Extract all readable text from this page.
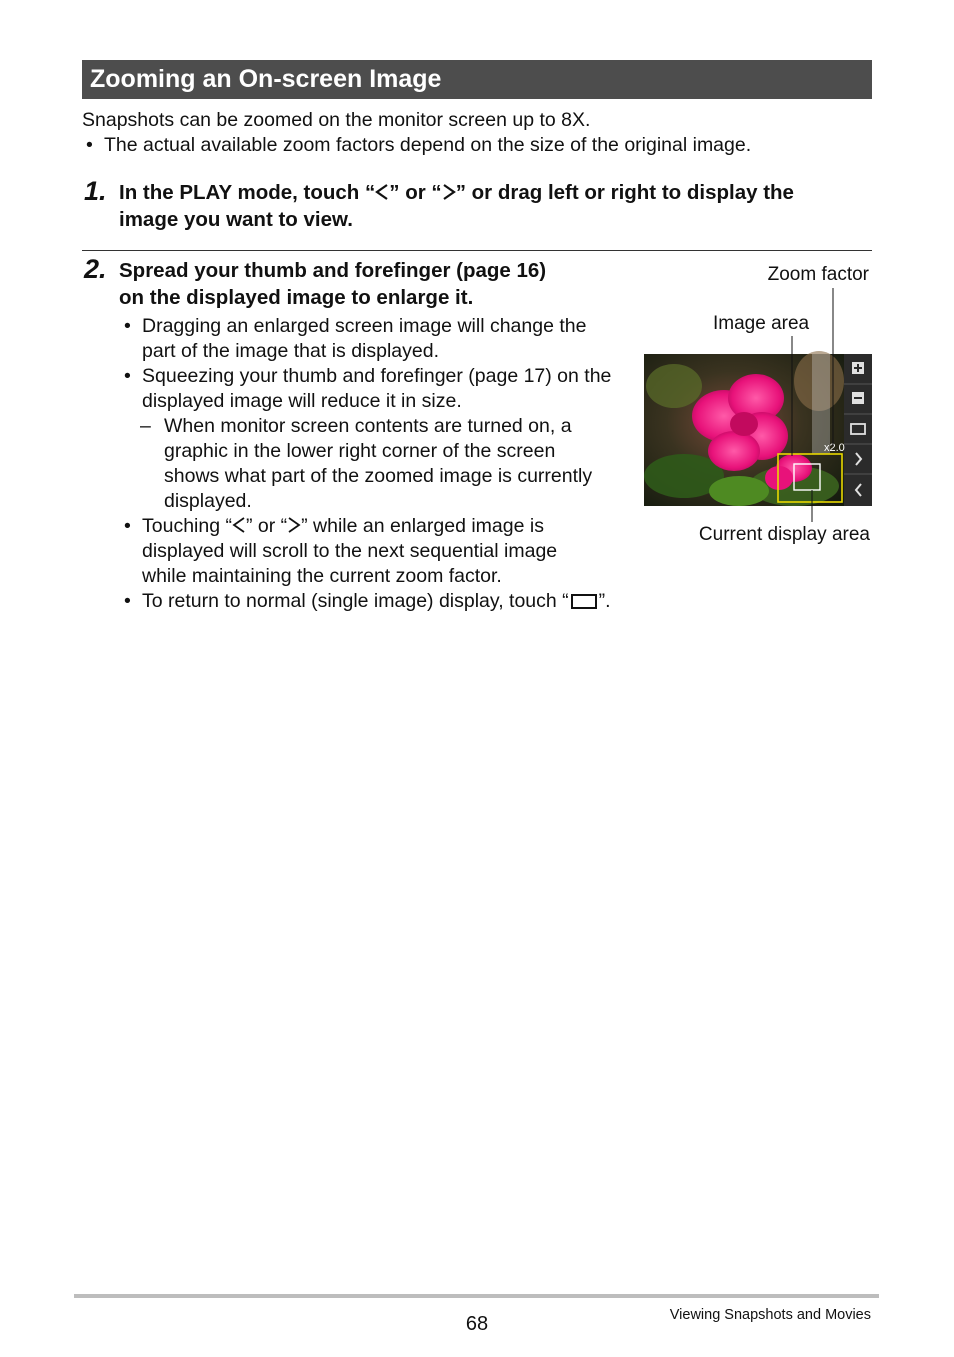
Zooming an On-screen Image

Snapshots can be zoomed on the monitor screen up to 8X.

• The actual available zoom factors depend on the size of the original image.

1. In the PLAY mode, touch “ ” or “ ” or drag left or right to display the
image you want to view.
2. Spread your thumb and forefinger (page 16)
on the displayed image to enlarge it.
• Dragging an enlarged screen image will change the part of the image that is displayed.
• Squeezing your thumb and forefinger (page 17) on the displayed image will reduce it in size.
– When monitor screen contents are turned on, a graphic in the lower right corner of the screen shows what part of the zoomed image is currently displayed.
• Touching “ ” or “ ” while an enlarged image is displayed will scroll to the next sequential image while maintaining the current zoom factor.
• To return to normal (single image) display, touch “ ”.
Zoom factor
Image area
Current display area
x2.0
68	Viewing Snapshots and Movies
